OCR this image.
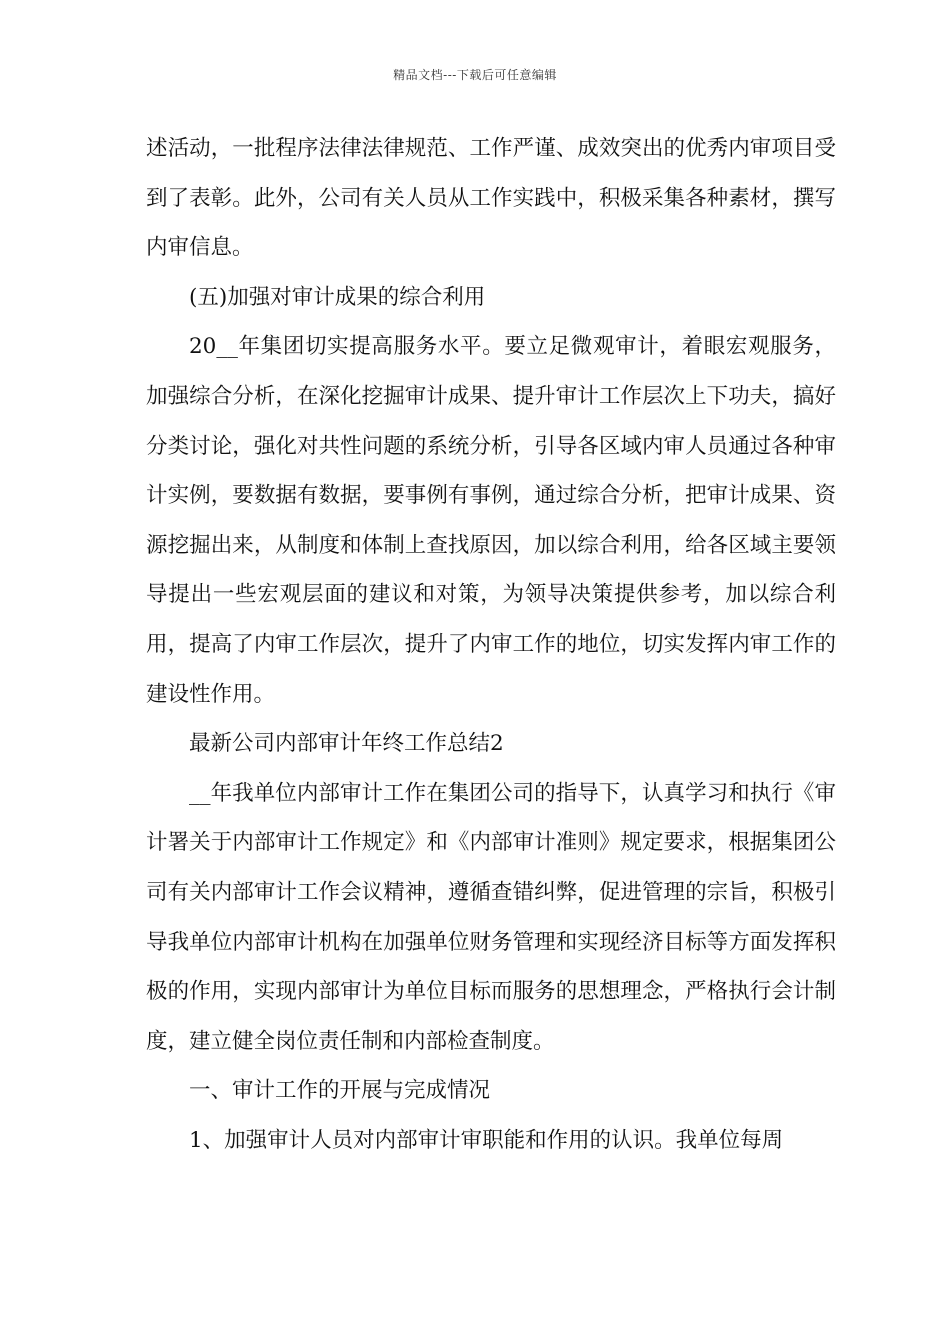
精品文档---下载后可任意编辑

述活动，一批程序法律法律规范、工作严谨、成效突出的优秀内审项目受到了表彰。此外，公司有关人员从工作实践中，积极采集各种素材，撰写内审信息。

(五)加强对审计成果的综合利用

20__年集团切实提高服务水平。要立足微观审计，着眼宏观服务，加强综合分析，在深化挖掘审计成果、提升审计工作层次上下功夫，搞好分类讨论，强化对共性问题的系统分析，引导各区域内审人员通过各种审计实例，要数据有数据，要事例有事例，通过综合分析，把审计成果、资源挖掘出来，从制度和体制上查找原因，加以综合利用，给各区域主要领导提出一些宏观层面的建议和对策，为领导决策提供参考，加以综合利用，提高了内审工作层次，提升了内审工作的地位，切实发挥内审工作的建设性作用。

最新公司内部审计年终工作总结2

__年我单位内部审计工作在集团公司的指导下，认真学习和执行《审计署关于内部审计工作规定》和《内部审计准则》规定要求，根据集团公司有关内部审计工作会议精神，遵循查错纠弊，促进管理的宗旨，积极引导我单位内部审计机构在加强单位财务管理和实现经济目标等方面发挥积极的作用，实现内部审计为单位目标而服务的思想理念，严格执行会计制度，建立健全岗位责任制和内部检查制度。

一、审计工作的开展与完成情况

1、加强审计人员对内部审计审职能和作用的认识。我单位每周
